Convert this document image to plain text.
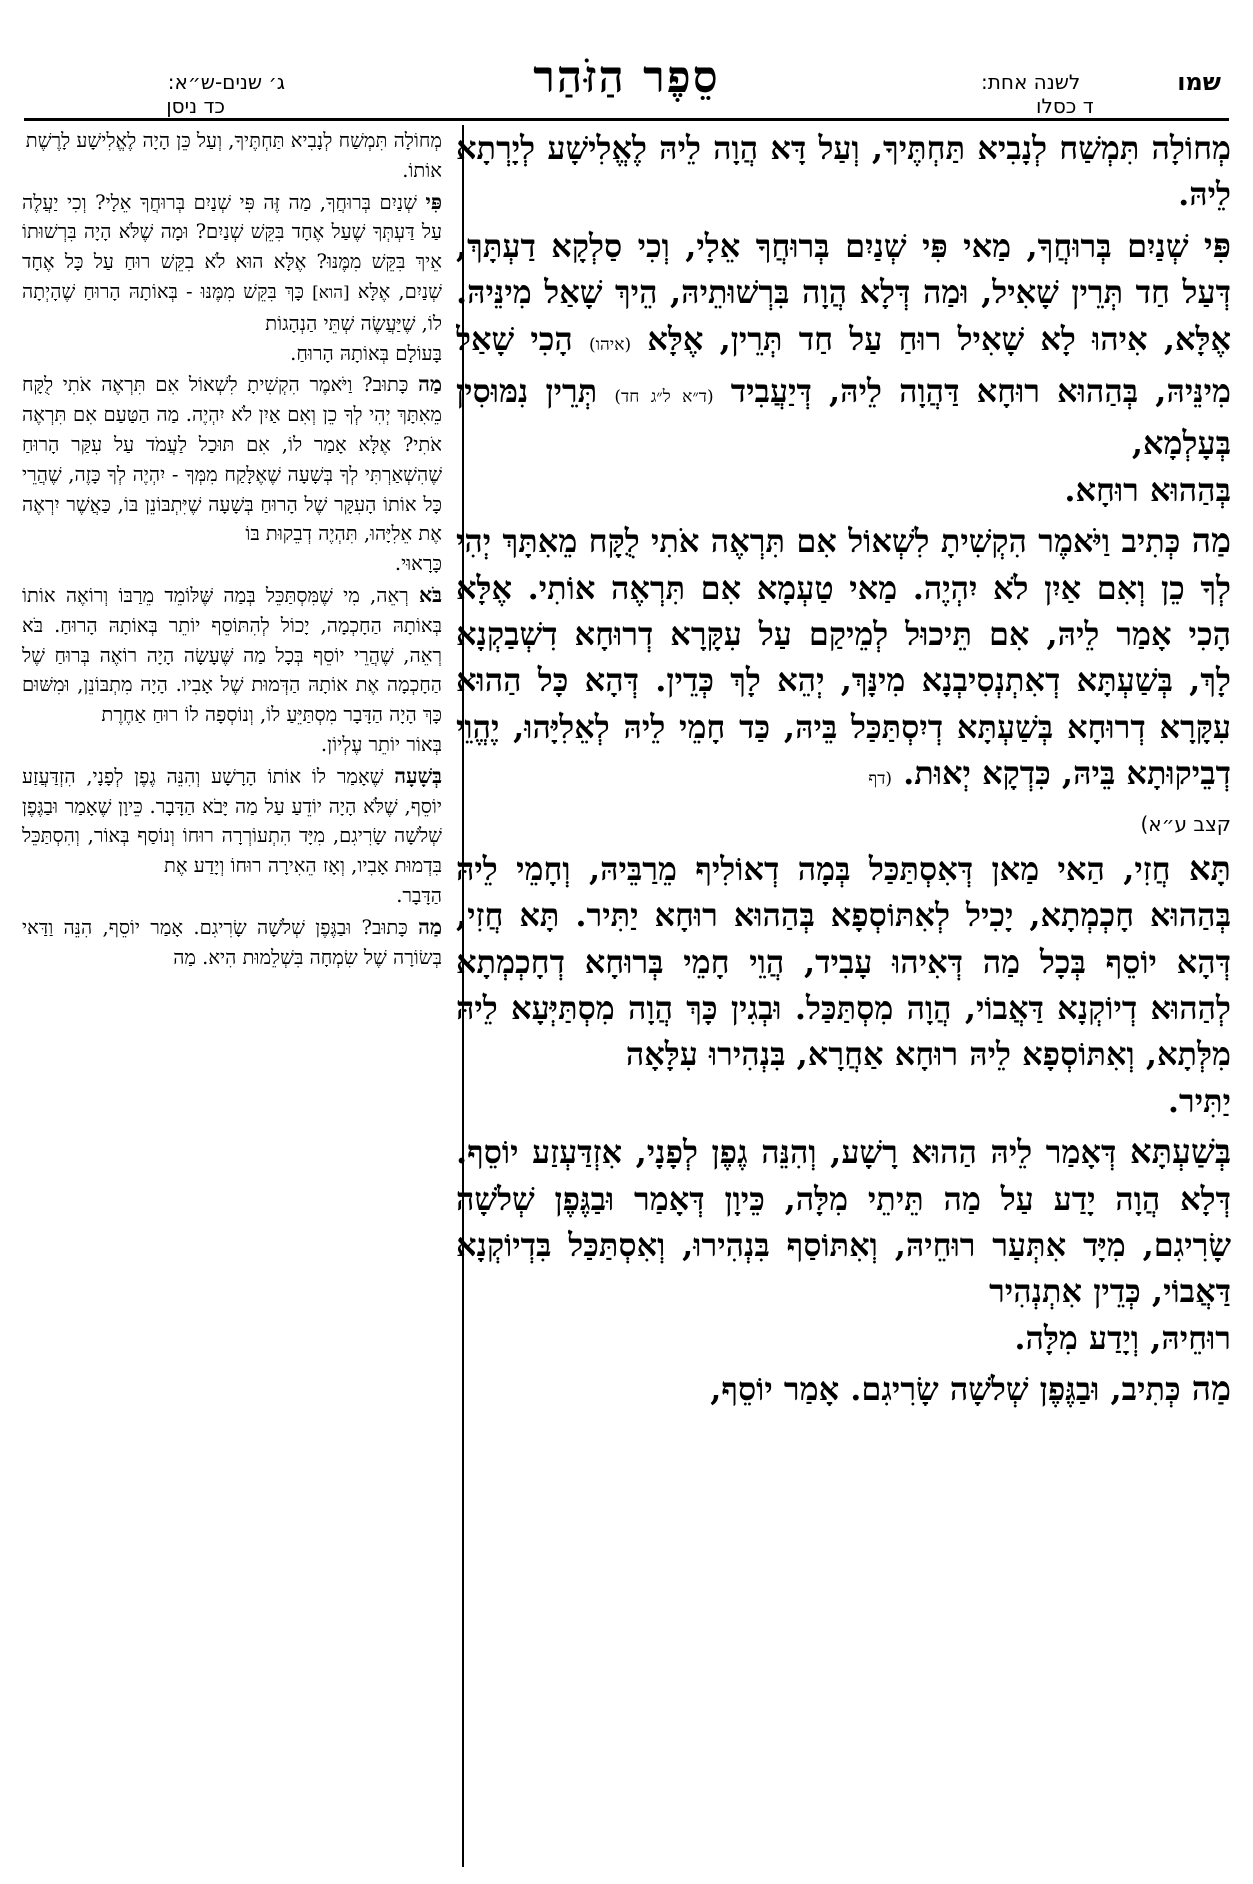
שמו
לשנה אחת:
ד כסלו
סֵפֶר הַזֹּהַר
ג׳ שנים-ש״א:
כד ניסן

מְחוֹלָה תִּמְשַׁח לְנָבִיא תַּחְתֶּיךָ, וְעַל דָּא הֲוָה לֵיהּ לֶאֱלִישָׁע לְיָרְתָא לֵיהּ.

פִּי שְׁנַיִם בְּרוּחֲךָ, מַאי פִּי שְׁנַיִם בְּרוּחֲךָ אֵלָי, וְכִי סַלְקָא דַעְתָּךְ, דְּעַל חַד תְּרֵין שָׁאִיל, וּמַה דְּלָא הֲוָה בִּרְשׁוּתֵיהּ, הֵיךְ שָׁאַל מִינֵּיהּ. אֶלָּא, אִיהוּ לָא שָׁאִיל רוּחַ עַל חַד תְּרֵין, אֶלָּא (איהו) הָכִי שָׁאַל מִינֵּיהּ, בְּהַהוּא רוּחָא דַּהֲוָה לֵיהּ, דְּיַעֲבִיד (ד״א ל״ג חד) תְּרֵין נִמּוּסִין בְּעָלְמָא,
בְּהַהוּא רוּחָא.

מַה כְּתִיב וַיֹּאמֶר הִקְשִׁיתָ לִשְׁאוֹל אִם תִּרְאֶה אֹתִי לֻקָּח מֵאִתָּךְ יְהִי לְךָ כֵן וְאִם אַיִן לֹא יִהְיֶה. מַאי טַעְמָא אִם תִּרְאֶה אוֹתִי. אֶלָּא הָכִי אָמַר לֵיהּ, אִם תֵּיכוּל לְמֵיקַם עַל עִקָּרָא דְרוּחָא דִשְׁבַקְנָא לָךְ, בְּשַׁעְתָּא דְאִתְנְסִיבְנָא מִינָּךְ, יְהֵא לָךְ כְּדֵין. דְּהָא כָּל הַהוּא עִקָּרָא דְרוּחָא בְּשַׁעְתָּא דְיִסְתַּכַּל בֵּיהּ, כַּד חָמֵי לֵיהּ לְאֵלִיָּהוּ, יֶהֱוֵי דְבֵיקוּתָא בֵּיהּ, כִּדְקָא יְאוּת. (דף
קצב ע״א)

תָּא חֲזִי, הַאי מַאן דְּאִסְתַּכַּל בְּמָה דְאוֹלִיף מֵרַבֵּיהּ, וְחָמֵי לֵיהּ בְּהַהוּא חָכְמְתָא, יָכִיל לְאִתּוֹסְפָא בְּהַהוּא רוּחָא יַתִּיר. תָּא חֲזִי, דְּהָא יוֹסֵף בְּכָל מַה דְּאִיהוּ עָבִיד, הֲוֵי חָמֵי בְּרוּחָא דְחָכְמְתָא לְהַהוּא דְיוֹקְנָא דַּאֲבוֹי, הֲוָה מִסְתַּכַּל. וּבְגִין כָּךְ הֲוָה מִסְתַּיְּעָא לֵיהּ מִלְּתָא, וְאִתּוֹסְפָא לֵיהּ רוּחָא אַחֲרָא, בִּנְהִירוּ עִלָּאָה
יַתִּיר.

בְּשַׁעְתָּא דְּאָמַר לֵיהּ הַהוּא רָשָׁע, וְהִנֵּה גֶפֶן לְפָנָי, אִזְדַּעְזַע יוֹסֵף. דְּלָא הֲוָה יָדַע עַל מַה תֵּיתֵי מִלָּה, כֵּיוָן דְּאָמַר וּבַגֶּפֶן שְׁלֹשָׁה שָׂרִיגִם, מִיָּד אִתְּעַר רוּחֵיהּ, וְאִתּוֹסַף בִּנְהִירוּ, וְאִסְתַּכַּל בִּדְיוֹקְנָא דַּאֲבוֹי, כְּדֵין אִתְנְהִיר
רוּחֵיהּ, וְיָדַע מִלָּה.

מַה כְּתִיב, וּבַגֶּפֶן שְׁלֹשָׁה שָׂרִיגִם. אָמַר יוֹסֵף,

מְחוֹלָה תִּמְשַׁח לְנָבִיא תַּחְתֶּיךָ, וְעַל כֵּן הָיָה לֶאֱלִישָׁע לָרֶשֶׁת
אוֹתוֹ.

פִּי שְׁנַיִם בְּרוּחֲךָ, מַה זֶּה פִּי שְׁנַיִם בְּרוּחֲךָ אֵלָי? וְכִי יַעֲלֶה עַל דַּעְתְּךָ שֶׁעַל אֶחָד בִּקֵּשׁ שְׁנַיִם? וּמָה שֶׁלֹּא הָיָה בִּרְשׁוּתוֹ אֵיךְ בִּקֵּשׁ מִמֶּנּוּ? אֶלָּא הוּא לֹא בִקֵּשׁ רוּחַ עַל כָּל אֶחָד שְׁנַיִם, אֶלָּא [הוא] כָּךְ בִּקֵּשׁ מִמֶּנּוּ - בְּאוֹתָהּ הָרוּחַ שֶׁהָיְתָה לוֹ, שֶׁיַּעֲשֶׂה שְׁתֵּי הַנְהָגוֹת
בָּעוֹלָם בְּאוֹתָהּ הָרוּחַ.

מַה כָּתוּב? וַיֹּאמֶר הִקְשִׁיתָ לִשְׁאוֹל אִם תִּרְאֶה אֹתִי לֻקָּח מֵאִתָּךְ יְהִי לְךָ כֵן וְאִם אַיִן לֹא יִהְיֶה. מַה הַטַּעַם אִם תִּרְאֶה אֹתִי? אֶלָּא אָמַר לוֹ, אִם תּוּכַל לַעֲמֹד עַל עִקַּר הָרוּחַ שֶׁהִשְׁאַרְתִּי לְךָ בְּשָׁעָה שֶׁאֶלָּקַח מִמְּךָ - יִהְיֶה לְךָ כָּזֶה, שֶׁהֲרֵי כָּל אוֹתוֹ הָעִקָּר שֶׁל הָרוּחַ בְּשָׁעָה שֶׁיִּתְבּוֹנֵן בּוֹ, כַּאֲשֶׁר יִרְאֶה אֶת אֵלִיָּהוּ, תִּהְיֶה דְבֵקוּת בּוֹ
כָּרָאוּי.

בֹּא רְאֵה, מִי שֶׁמִּסְתַּכֵּל בְּמַה שֶּׁלּוֹמֵד מֵרַבּוֹ וְרוֹאֶה אוֹתוֹ בְּאוֹתָהּ הַחָכְמָה, יָכוֹל לְהִתּוֹסֵף יוֹתֵר בְּאוֹתָהּ הָרוּחַ. בֹּא רְאֵה, שֶׁהֲרֵי יוֹסֵף בְּכָל מַה שֶּׁעָשָׂה הָיָה רוֹאֶה בְּרוּחַ שֶׁל הַחָכְמָה אֶת אוֹתָהּ הַדְּמוּת שֶׁל אָבִיו. הָיָה מִתְבּוֹנֵן, וּמִשּׁוּם כָּךְ הָיָה הַדָּבָר מִסְתַּיֵּעַ לוֹ, וְנוֹסְפָה לוֹ רוּחַ אַחֶרֶת
בְּאוֹר יוֹתֵר עֶלְיוֹן.

בְּשָׁעָה שֶׁאָמַר לוֹ אוֹתוֹ הָרָשָׁע וְהִנֵּה גֶפֶן לְפָנָי, הִזְדַּעֲזַע יוֹסֵף, שֶׁלֹּא הָיָה יוֹדֵעַ עַל מַה יָּבֹא הַדָּבָר. כֵּיוָן שֶׁאָמַר וּבַגֶּפֶן שְׁלֹשָׁה שָׂרִיגִם, מִיָּד הִתְעוֹרְרָה רוּחוֹ וְנוֹסַף בְּאוֹר, וְהִסְתַּכֵּל בִּדְמוּת אָבִיו, וְאָז הֵאִירָה רוּחוֹ וְיָדַע אֶת
הַדָּבָר.

מַה כָּתוּב? וּבַגֶּפֶן שְׁלֹשָׁה שָׂרִיגִם. אָמַר יוֹסֵף, הִנֵּה וַדַּאי בְּשׂוֹרָה שֶׁל שִׂמְחָה בִּשְׁלֵמוּת הִיא. מַה
